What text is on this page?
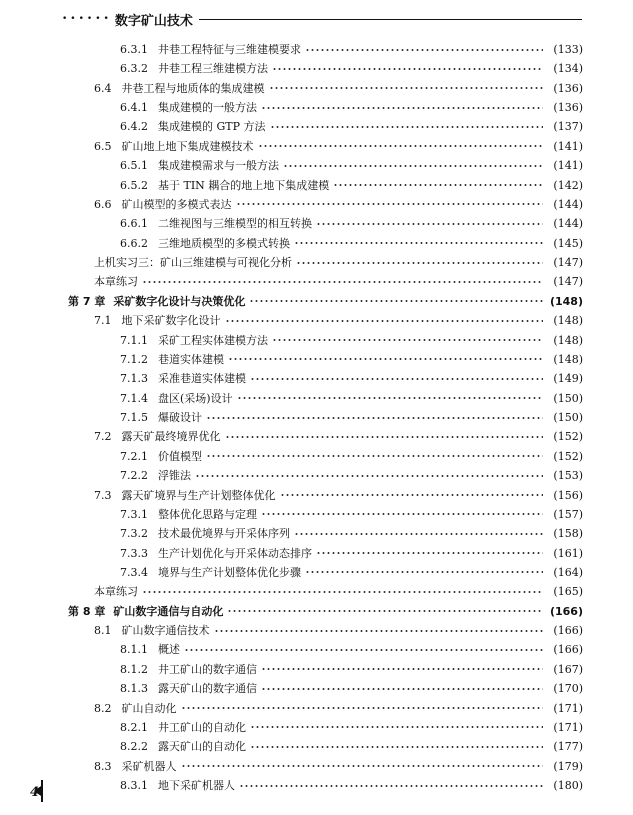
•••••• 数字矿山技术
6.3.1 井巷工程特征与三维建模要求	(133)
6.3.2 井巷工程三维建模方法	(134)
6.4 井巷工程与地质体的集成建模	(136)
6.4.1 集成建模的一般方法	(136)
6.4.2 集成建模的 GTP 方法	(137)
6.5 矿山地上地下集成建模技术	(141)
6.5.1 集成建模需求与一般方法	(141)
6.5.2 基于 TIN 耦合的地上地下集成建模	(142)
6.6 矿山模型的多模式表达	(144)
6.6.1 二维视图与三维模型的相互转换	(144)
6.6.2 三维地质模型的多模式转换	(145)
上机实习三：矿山三维建模与可视化分析	(147)
本章练习	(147)
第 7 章 采矿数字化设计与决策优化	(148)
7.1 地下采矿数字化设计	(148)
7.1.1 采矿工程实体建模方法	(148)
7.1.2 巷道实体建模	(148)
7.1.3 采准巷道实体建模	(149)
7.1.4 盘区(采场)设计	(150)
7.1.5 爆破设计	(150)
7.2 露天矿最终境界优化	(152)
7.2.1 价值模型	(152)
7.2.2 浮锥法	(153)
7.3 露天矿境界与生产计划整体优化	(156)
7.3.1 整体优化思路与定理	(157)
7.3.2 技术最优境界与开采体序列	(158)
7.3.3 生产计划优化与开采体动态排序	(161)
7.3.4 境界与生产计划整体优化步骤	(164)
本章练习	(165)
第 8 章 矿山数字通信与自动化	(166)
8.1 矿山数字通信技术	(166)
8.1.1 概述	(166)
8.1.2 井工矿山的数字通信	(167)
8.1.3 露天矿山的数字通信	(170)
8.2 矿山自动化	(171)
8.2.1 井工矿山的自动化	(171)
8.2.2 露天矿山的自动化	(177)
8.3 采矿机器人	(179)
8.3.1 地下采矿机器人	(180)
4
